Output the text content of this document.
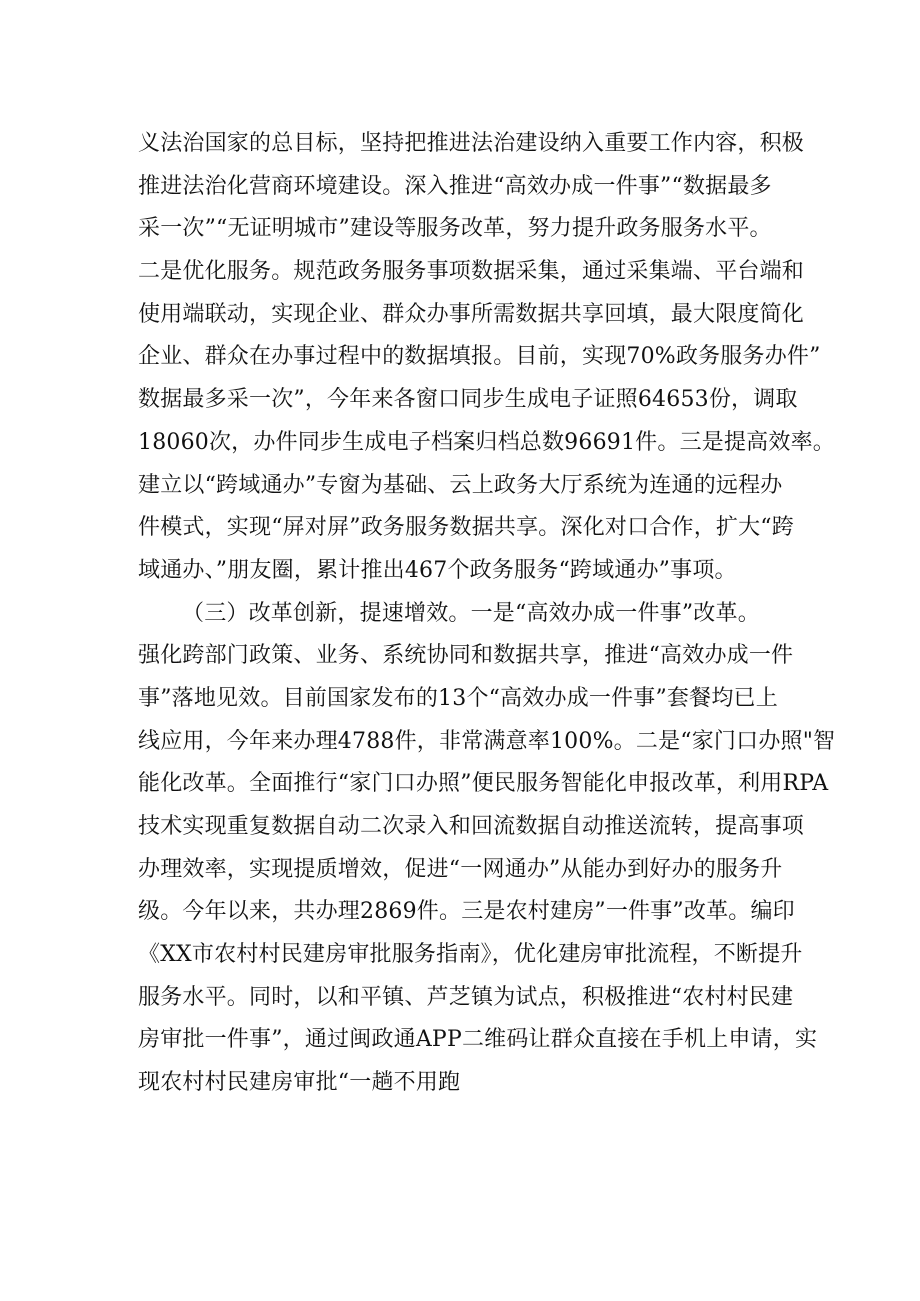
义法治国家的总目标，坚持把推进法治建设纳入重要工作内容，积极
推进法治化营商环境建设。深入推进“高效办成一件事”“数据最多
采一次”“无证明城市”建设等服务改革，努力提升政务服务水平。
二是优化服务。规范政务服务事项数据采集，通过采集端、平台端和
使用端联动，实现企业、群众办事所需数据共享回填，最大限度简化
企业、群众在办事过程中的数据填报。目前，实现70%政务服务办件”
数据最多采一次”，今年来各窗口同步生成电子证照64653份，调取
18060次，办件同步生成电子档案归档总数96691件。三是提高效率。
建立以“跨域通办”专窗为基础、云上政务大厅系统为连通的远程办
件模式，实现“屏对屏”政务服务数据共享。深化对口合作，扩大“跨
域通办、”朋友圈，累计推出467个政务服务“跨域通办”事项。
（三）改革创新，提速增效。一是“高效办成一件事”改革。
强化跨部门政策、业务、系统协同和数据共享，推进“高效办成一件
事”落地见效。目前国家发布的13个“高效办成一件事”套餐均已上
线应用，今年来办理4788件，非常满意率100%。二是“家门口办照"智
能化改革。全面推行“家门口办照”便民服务智能化申报改革，利用RPA
技术实现重复数据自动二次录入和回流数据自动推送流转，提高事项
办理效率，实现提质增效，促进“一网通办”从能办到好办的服务升
级。今年以来，共办理2869件。三是农村建房”一件事”改革。编印
《XX市农村村民建房审批服务指南》，优化建房审批流程，不断提升
服务水平。同时，以和平镇、芦芝镇为试点，积极推进“农村村民建
房审批一件事”，通过闽政通APP二维码让群众直接在手机上申请，实
现农村村民建房审批“一趟不用跑
